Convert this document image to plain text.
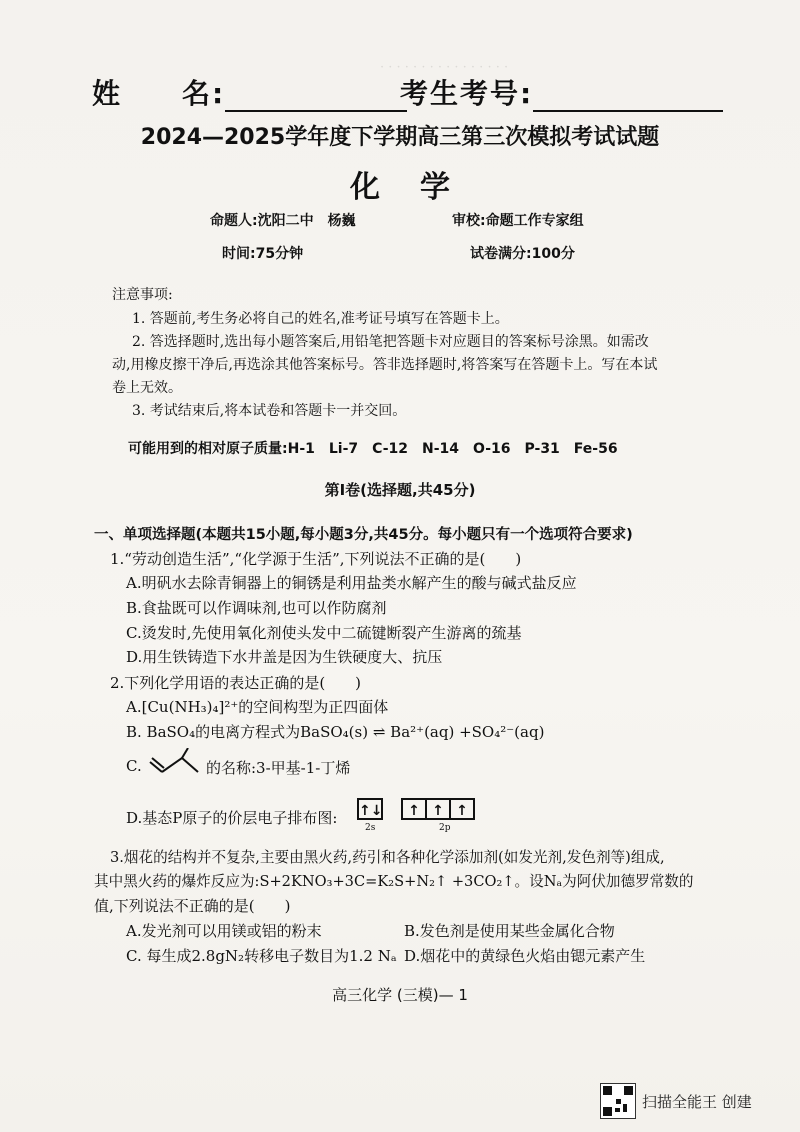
· · · · · · · · · · · · · · · ·
姓　　名:	考生考号:
2024—2025学年度下学期高三第三次模拟考试试题
化学
命题人:沈阳二中　杨巍	审校:命题工作专家组
时间:75分钟	试卷满分:100分
注意事项:
1. 答题前,考生务必将自己的姓名,准考证号填写在答题卡上。
2. 答选择题时,选出每小题答案后,用铅笔把答题卡对应题目的答案标号涂黑。如需改
动,用橡皮擦干净后,再选涂其他答案标号。答非选择题时,将答案写在答题卡上。写在本试
卷上无效。
3. 考试结束后,将本试卷和答题卡一并交回。
可能用到的相对原子质量:H-1　Li-7　C-12　N-14　O-16　P-31　Fe-56
第Ⅰ卷(选择题,共45分)
一、单项选择题(本题共15小题,每小题3分,共45分。每小题只有一个选项符合要求)
1.“劳动创造生活”,“化学源于生活”,下列说法不正确的是(　　)
A.明矾水去除青铜器上的铜锈是利用盐类水解产生的酸与碱式盐反应
B.食盐既可以作调味剂,也可以作防腐剂
C.烫发时,先使用氧化剂使头发中二硫键断裂产生游离的巯基
D.用生铁铸造下水井盖是因为生铁硬度大、抗压
2.下列化学用语的表达正确的是(　　)
A.[Cu(NH₃)₄]²⁺的空间构型为正四面体
B. BaSO₄的电离方程式为BaSO₄(s) ⇌ Ba²⁺(aq) +SO₄²⁻(aq)
C.	的名称:3-甲基-1-丁烯
D.基态P原子的价层电子排布图: ↑↓	↑ ↑ ↑
2s	2p
3.烟花的结构并不复杂,主要由黑火药,药引和各种化学添加剂(如发光剂,发色剂等)组成,
其中黑火药的爆炸反应为:S+2KNO₃+3C=K₂S+N₂↑ +3CO₂↑。设Nₐ为阿伏加德罗常数的
值,下列说法不正确的是(　　)
A.发光剂可以用镁或铝的粉末	B.发色剂是使用某些金属化合物
C. 每生成2.8gN₂转移电子数目为1.2 Nₐ D.烟花中的黄绿色火焰由锶元素产生
高三化学 (三模)— 1
扫描全能王 创建
